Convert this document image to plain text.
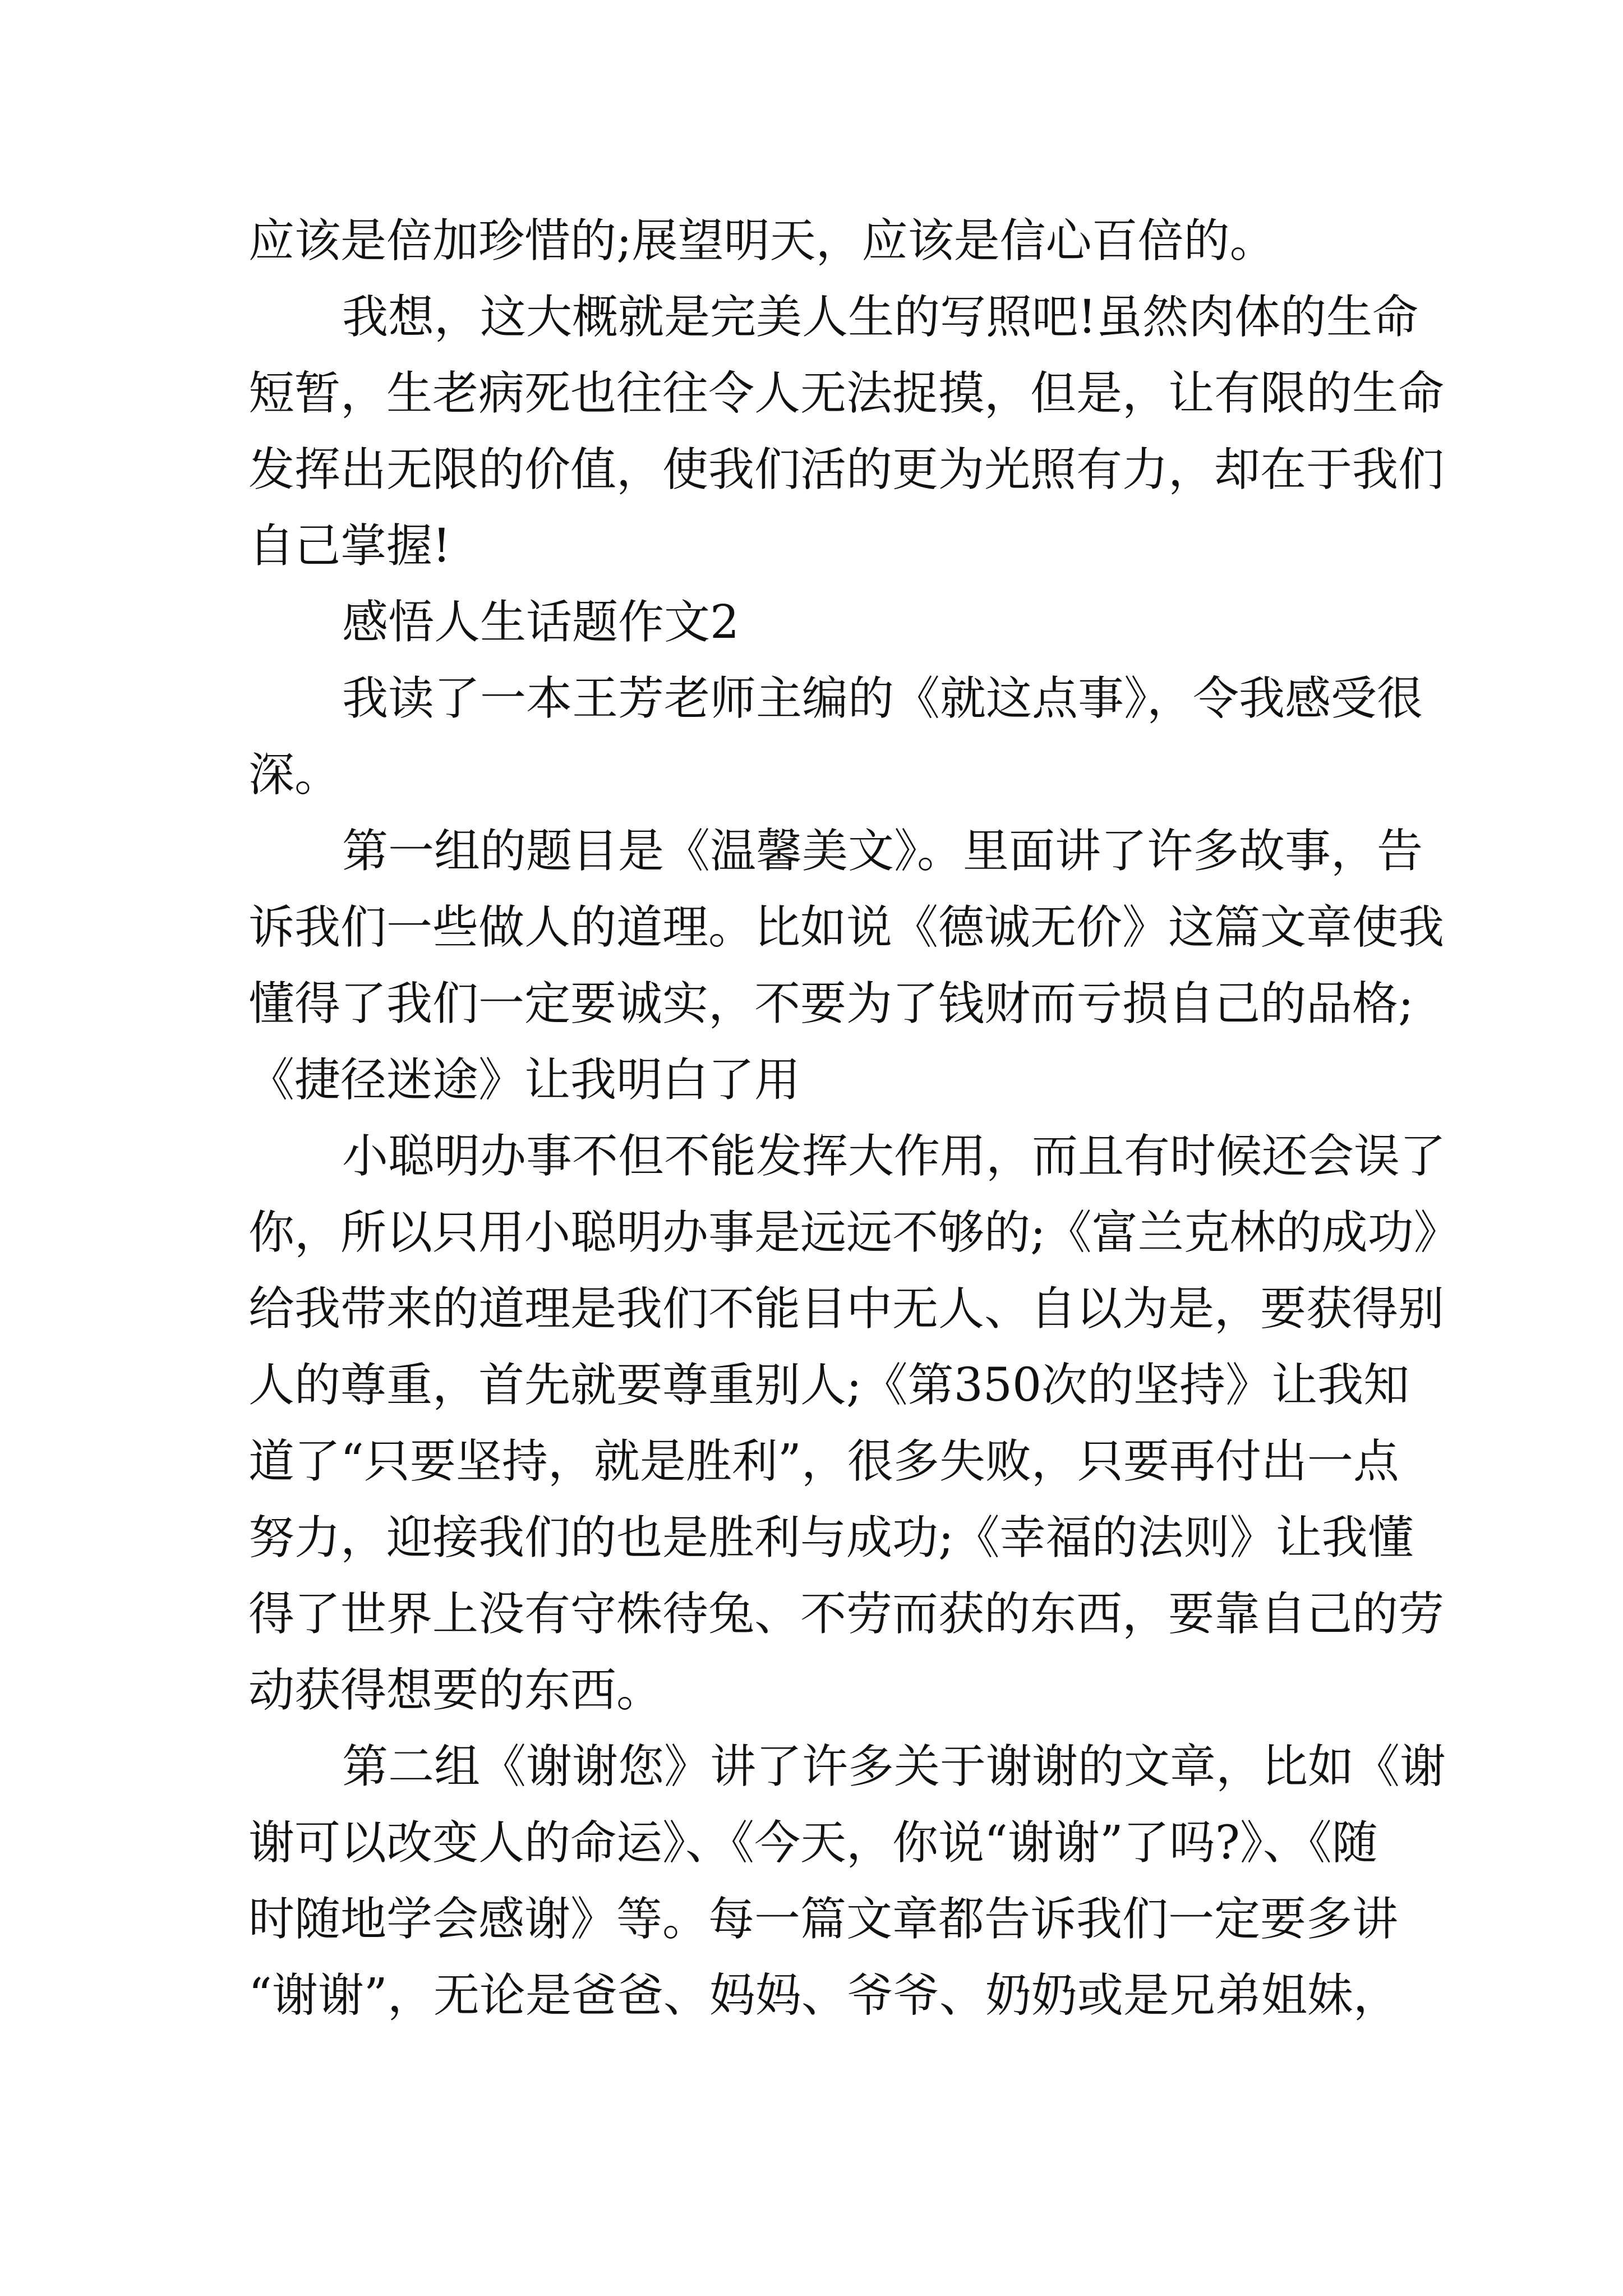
应该是倍加珍惜的;展望明天，应该是信心百倍的。
我想，这大概就是完美人生的写照吧!虽然肉体的生命
短暂，生老病死也往往令人无法捉摸，但是，让有限的生命
发挥出无限的价值，使我们活的更为光照有力，却在于我们
自己掌握!
感悟人生话题作文2
我读了一本王芳老师主编的《就这点事》，令我感受很
深。
第一组的题目是《温馨美文》。里面讲了许多故事，告
诉我们一些做人的道理。比如说《德诚无价》这篇文章使我
懂得了我们一定要诚实，不要为了钱财而亏损自己的品格;
《捷径迷途》让我明白了用
小聪明办事不但不能发挥大作用，而且有时候还会误了
你，所以只用小聪明办事是远远不够的;《富兰克林的成功》
给我带来的道理是我们不能目中无人、自以为是，要获得别
人的尊重，首先就要尊重别人;《第350次的坚持》让我知
道了“只要坚持，就是胜利”，很多失败，只要再付出一点
努力，迎接我们的也是胜利与成功;《幸福的法则》让我懂
得了世界上没有守株待兔、不劳而获的东西，要靠自己的劳
动获得想要的东西。
第二组《谢谢您》讲了许多关于谢谢的文章，比如《谢
谢可以改变人的命运》、《今天，你说“谢谢”了吗?》、《随
时随地学会感谢》等。每一篇文章都告诉我们一定要多讲
“谢谢”，无论是爸爸、妈妈、爷爷、奶奶或是兄弟姐妹，
